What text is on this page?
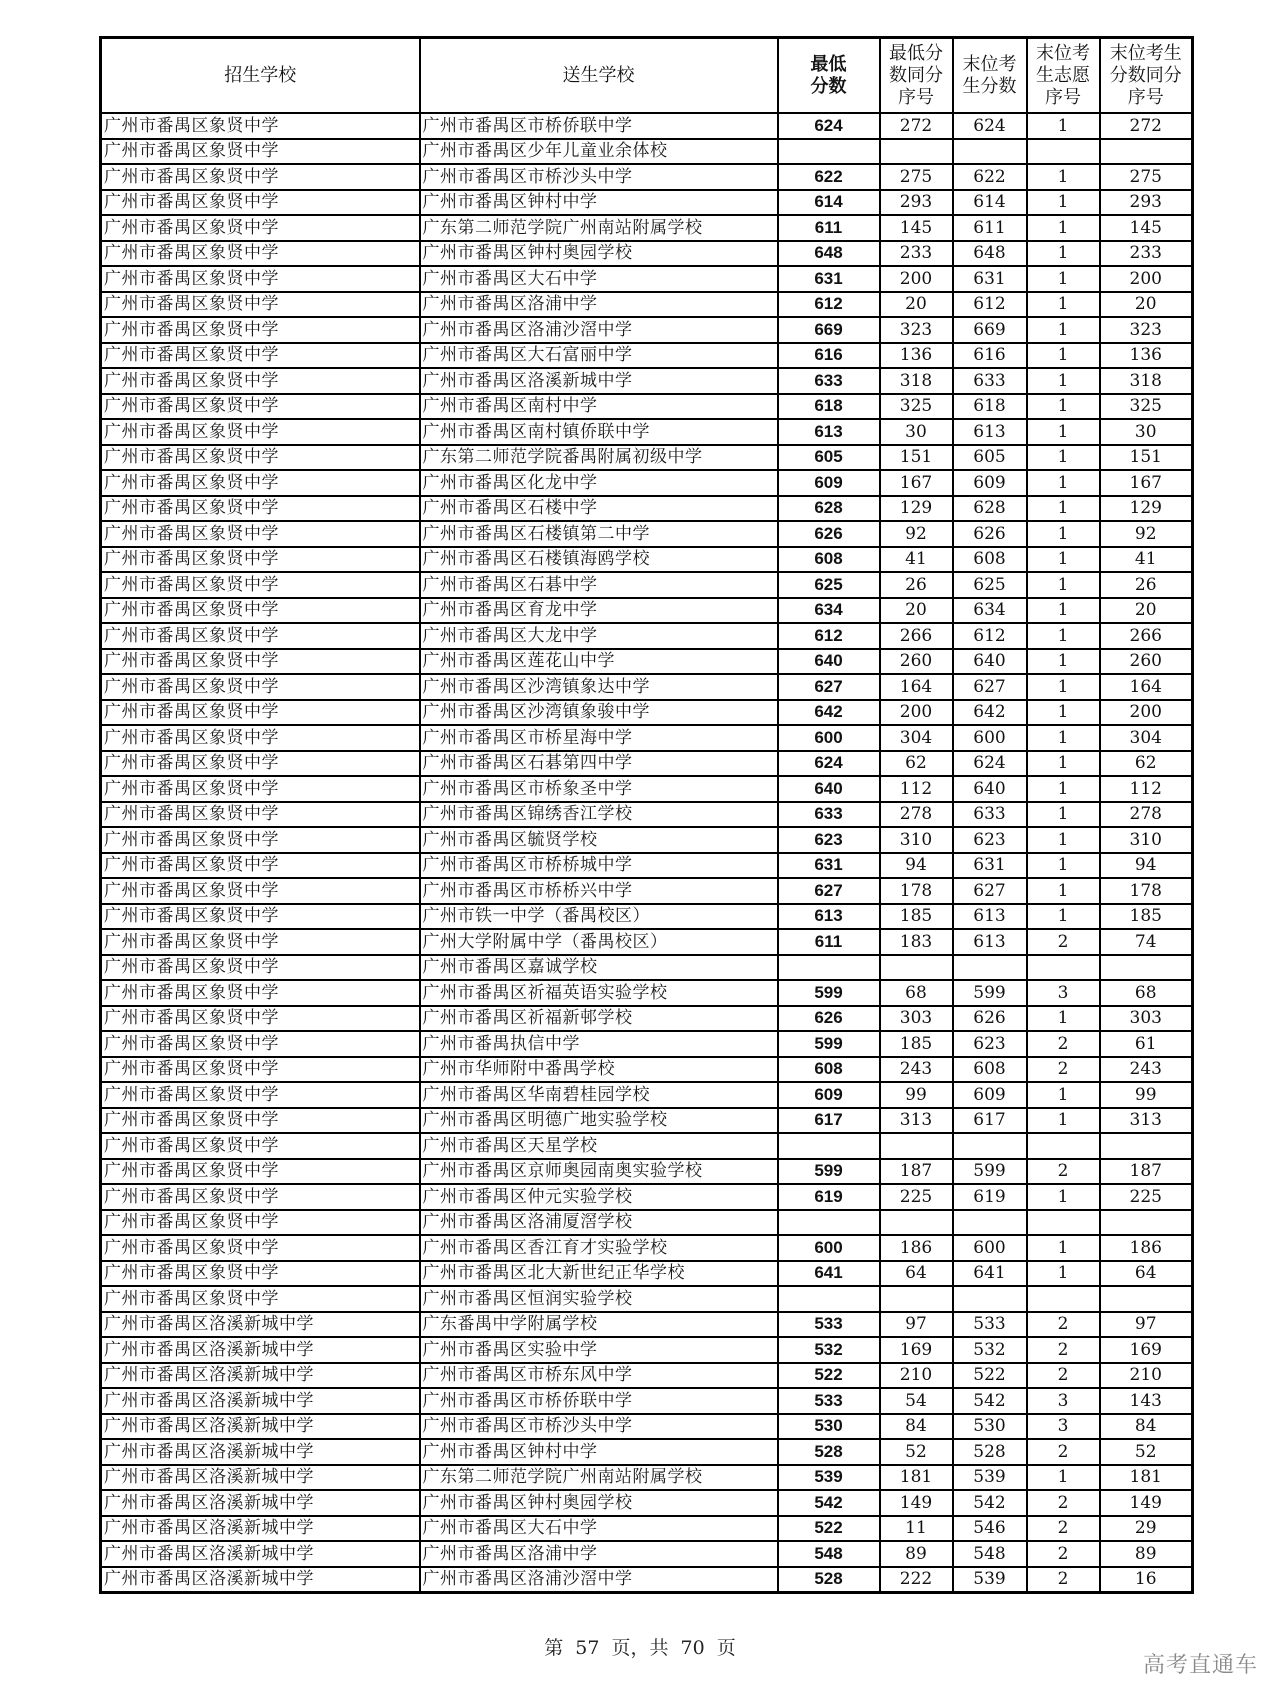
招生学校	送生学校	最低分数	最低分数同分序号	末位考生分数	末位考生志愿序号	末位考生分数同分序号
广州市番禺区象贤中学	广州市番禺区市桥侨联中学	624	272	624	1	272
广州市番禺区象贤中学	广州市番禺区少年儿童业余体校					
广州市番禺区象贤中学	广州市番禺区市桥沙头中学	622	275	622	1	275
广州市番禺区象贤中学	广州市番禺区钟村中学	614	293	614	1	293
广州市番禺区象贤中学	广东第二师范学院广州南站附属学校	611	145	611	1	145
广州市番禺区象贤中学	广州市番禺区钟村奥园学校	648	233	648	1	233
广州市番禺区象贤中学	广州市番禺区大石中学	631	200	631	1	200
广州市番禺区象贤中学	广州市番禺区洛浦中学	612	20	612	1	20
广州市番禺区象贤中学	广州市番禺区洛浦沙滘中学	669	323	669	1	323
广州市番禺区象贤中学	广州市番禺区大石富丽中学	616	136	616	1	136
广州市番禺区象贤中学	广州市番禺区洛溪新城中学	633	318	633	1	318
广州市番禺区象贤中学	广州市番禺区南村中学	618	325	618	1	325
广州市番禺区象贤中学	广州市番禺区南村镇侨联中学	613	30	613	1	30
广州市番禺区象贤中学	广东第二师范学院番禺附属初级中学	605	151	605	1	151
广州市番禺区象贤中学	广州市番禺区化龙中学	609	167	609	1	167
广州市番禺区象贤中学	广州市番禺区石楼中学	628	129	628	1	129
广州市番禺区象贤中学	广州市番禺区石楼镇第二中学	626	92	626	1	92
广州市番禺区象贤中学	广州市番禺区石楼镇海鸥学校	608	41	608	1	41
广州市番禺区象贤中学	广州市番禺区石碁中学	625	26	625	1	26
广州市番禺区象贤中学	广州市番禺区育龙中学	634	20	634	1	20
广州市番禺区象贤中学	广州市番禺区大龙中学	612	266	612	1	266
广州市番禺区象贤中学	广州市番禺区莲花山中学	640	260	640	1	260
广州市番禺区象贤中学	广州市番禺区沙湾镇象达中学	627	164	627	1	164
广州市番禺区象贤中学	广州市番禺区沙湾镇象骏中学	642	200	642	1	200
广州市番禺区象贤中学	广州市番禺区市桥星海中学	600	304	600	1	304
广州市番禺区象贤中学	广州市番禺区石碁第四中学	624	62	624	1	62
广州市番禺区象贤中学	广州市番禺区市桥象圣中学	640	112	640	1	112
广州市番禺区象贤中学	广州市番禺区锦绣香江学校	633	278	633	1	278
广州市番禺区象贤中学	广州市番禺区毓贤学校	623	310	623	1	310
广州市番禺区象贤中学	广州市番禺区市桥桥城中学	631	94	631	1	94
广州市番禺区象贤中学	广州市番禺区市桥桥兴中学	627	178	627	1	178
广州市番禺区象贤中学	广州市铁一中学（番禺校区）	613	185	613	1	185
广州市番禺区象贤中学	广州大学附属中学（番禺校区）	611	183	613	2	74
广州市番禺区象贤中学	广州市番禺区嘉诚学校					
广州市番禺区象贤中学	广州市番禺区祈福英语实验学校	599	68	599	3	68
广州市番禺区象贤中学	广州市番禺区祈福新邨学校	626	303	626	1	303
广州市番禺区象贤中学	广州市番禺执信中学	599	185	623	2	61
广州市番禺区象贤中学	广州市华师附中番禺学校	608	243	608	2	243
广州市番禺区象贤中学	广州市番禺区华南碧桂园学校	609	99	609	1	99
广州市番禺区象贤中学	广州市番禺区明德广地实验学校	617	313	617	1	313
广州市番禺区象贤中学	广州市番禺区天星学校					
广州市番禺区象贤中学	广州市番禺区京师奥园南奥实验学校	599	187	599	2	187
广州市番禺区象贤中学	广州市番禺区仲元实验学校	619	225	619	1	225
广州市番禺区象贤中学	广州市番禺区洛浦厦滘学校					
广州市番禺区象贤中学	广州市番禺区香江育才实验学校	600	186	600	1	186
广州市番禺区象贤中学	广州市番禺区北大新世纪正华学校	641	64	641	1	64
广州市番禺区象贤中学	广州市番禺区恒润实验学校					
广州市番禺区洛溪新城中学	广东番禺中学附属学校	533	97	533	2	97
广州市番禺区洛溪新城中学	广州市番禺区实验中学	532	169	532	2	169
广州市番禺区洛溪新城中学	广州市番禺区市桥东风中学	522	210	522	2	210
广州市番禺区洛溪新城中学	广州市番禺区市桥侨联中学	533	54	542	3	143
广州市番禺区洛溪新城中学	广州市番禺区市桥沙头中学	530	84	530	3	84
广州市番禺区洛溪新城中学	广州市番禺区钟村中学	528	52	528	2	52
广州市番禺区洛溪新城中学	广东第二师范学院广州南站附属学校	539	181	539	1	181
广州市番禺区洛溪新城中学	广州市番禺区钟村奥园学校	542	149	542	2	149
广州市番禺区洛溪新城中学	广州市番禺区大石中学	522	11	546	2	29
广州市番禺区洛溪新城中学	广州市番禺区洛浦中学	548	89	548	2	89
广州市番禺区洛溪新城中学	广州市番禺区洛浦沙滘中学	528	222	539	2	16
第 57 页，共 70 页
高考直通车
